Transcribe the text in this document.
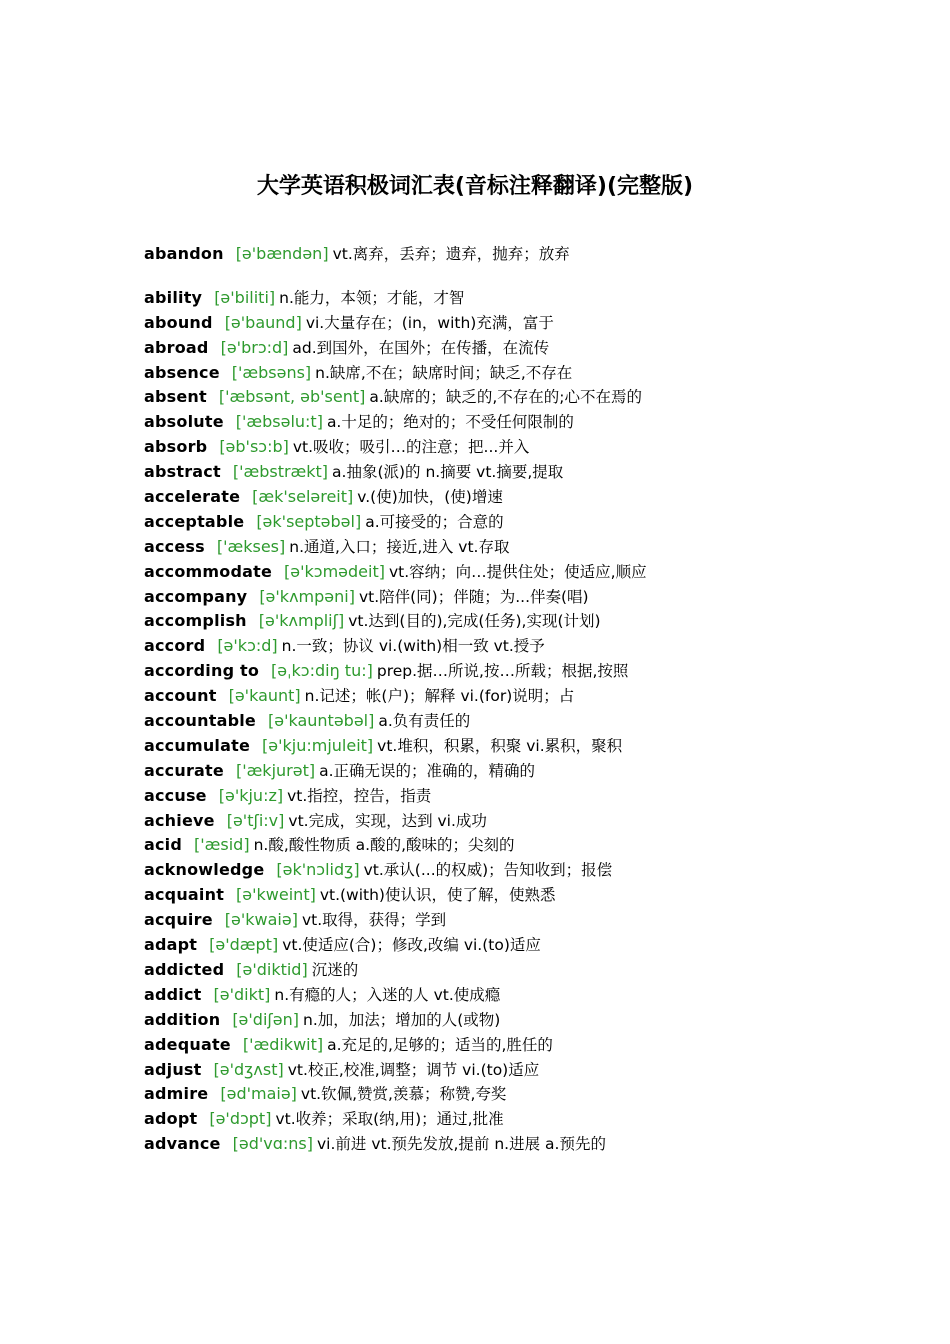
大学英语积极词汇表(音标注释翻译)(完整版)
abandon [ə'bændən] vt.离弃，丢弃；遗弃，抛弃；放弃
ability [ə'biliti] n.能力，本领；才能，才智
abound [ə'baund] vi.大量存在；(in，with)充满，富于
abroad [ə'brɔ:d] ad.到国外，在国外；在传播，在流传
absence ['æbsəns] n.缺席,不在；缺席时间；缺乏,不存在
absent ['æbsənt, əb'sent] a.缺席的；缺乏的,不存在的;心不在焉的
absolute ['æbsəlu:t] a.十足的；绝对的；不受任何限制的
absorb [əb'sɔ:b] vt.吸收；吸引…的注意；把...并入
abstract ['æbstrækt] a.抽象(派)的 n.摘要 vt.摘要,提取
accelerate [æk'seləreit] v.(使)加快，(使)增速
acceptable [ək'septəbəl] a.可接受的；合意的
access ['ækses] n.通道,入口；接近,进入 vt.存取
accommodate [ə'kɔmədeit] vt.容纳；向…提供住处；使适应,顺应
accompany [ə'kʌmpəni] vt.陪伴(同)；伴随；为...伴奏(唱)
accomplish [ə'kʌmpliʃ] vt.达到(目的),完成(任务),实现(计划)
accord [ə'kɔ:d] n.一致；协议 vi.(with)相一致 vt.授予
according to [əˌkɔ:diŋ tu:] prep.据…所说,按…所载；根据,按照
account [ə'kaunt] n.记述；帐(户)；解释 vi.(for)说明；占
accountable [ə'kauntəbəl] a.负有责任的
accumulate [ə'kju:mjuleit] vt.堆积，积累，积聚 vi.累积，聚积
accurate ['ækjurət] a.正确无误的；准确的，精确的
accuse [ə'kju:z] vt.指控，控告，指责
achieve [ə'tʃi:v] vt.完成，实现，达到 vi.成功
acid ['æsid] n.酸,酸性物质 a.酸的,酸味的；尖刻的
acknowledge [ək'nɔlidʒ] vt.承认(...的权威)；告知收到；报偿
acquaint [ə'kweint] vt.(with)使认识，使了解，使熟悉
acquire [ə'kwaiə] vt.取得，获得；学到
adapt [ə'dæpt] vt.使适应(合)；修改,改编 vi.(to)适应
addicted [ə'diktid] 沉迷的
addict [ə'dikt] n.有瘾的人；入迷的人 vt.使成瘾
addition [ə'diʃən] n.加，加法；增加的人(或物)
adequate ['ædikwit] a.充足的,足够的；适当的,胜任的
adjust [ə'dʒʌst] vt.校正,校准,调整；调节 vi.(to)适应
admire [əd'maiə] vt.钦佩,赞赏,羡慕；称赞,夸奖
adopt [ə'dɔpt] vt.收养；采取(纳,用)；通过,批准
advance [əd'vɑ:ns] vi.前进 vt.预先发放,提前 n.进展 a.预先的
